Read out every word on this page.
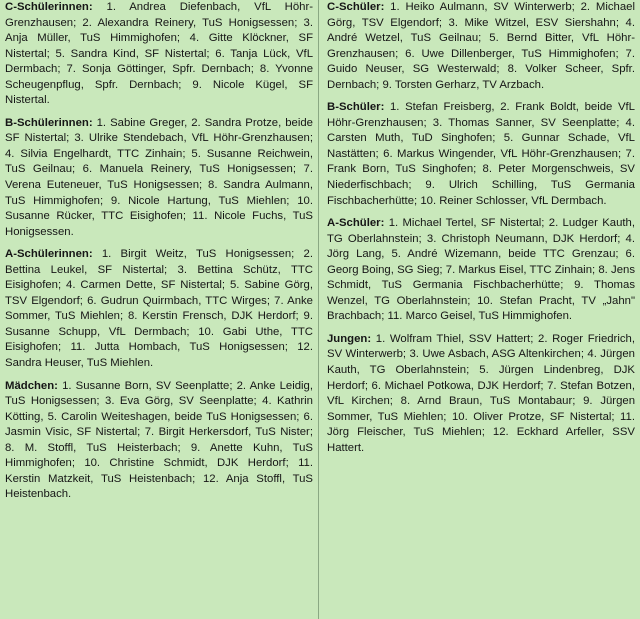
C-Schülerinnen: 1. Andrea Diefenbach, VfL Höhr-Grenzhausen; 2. Alexandra Reinery, TuS Honigsessen; 3. Anja Müller, TuS Himmighofen; 4. Gitte Klöckner, SF Nistertal; 5. Sandra Kind, SF Nistertal; 6. Tanja Lück, VfL Dermbach; 7. Sonja Göttinger, Spfr. Dernbach; 8. Yvonne Scheugenpflug, Spfr. Dernbach; 9. Nicole Kügel, SF Nistertal.

B-Schülerinnen: 1. Sabine Greger, 2. Sandra Protze, beide SF Nistertal; 3. Ulrike Stendebach, VfL Höhr-Grenzhausen; 4. Silvia Engelhardt, TTC Zinhain; 5. Susanne Reichwein, TuS Geilnau; 6. Manuela Reinery, TuS Honigsessen; 7. Verena Euteneuer, TuS Honigsessen; 8. Sandra Aulmann, TuS Himmighofen; 9. Nicole Hartung, TuS Miehlen; 10. Susanne Rücker, TTC Eisighofen; 11. Nicole Fuchs, TuS Honigsessen.

A-Schülerinnen: 1. Birgit Weitz, TuS Honigsessen; 2. Bettina Leukel, SF Nistertal; 3. Bettina Schütz, TTC Eisighofen; 4. Carmen Dette, SF Nistertal; 5. Sabine Görg, TSV Elgendorf; 6. Gudrun Quirmbach, TTC Wirges; 7. Anke Sommer, TuS Miehlen; 8. Kerstin Frensch, DJK Herdorf; 9. Susanne Schupp, VfL Dermbach; 10. Gabi Uthe, TTC Eisighofen; 11. Jutta Hombach, TuS Honigsessen; 12. Sandra Heuser, TuS Miehlen.

Mädchen: 1. Susanne Born, SV Seenplatte; 2. Anke Leidig, TuS Honigsessen; 3. Eva Görg, SV Seenplatte; 4. Kathrin Kötting, 5. Carolin Weiteshagen, beide TuS Honigsessen; 6. Jasmin Visic, SF Nistertal; 7. Birgit Herkersdorf, TuS Nister; 8. M. Stoffl, TuS Heisterbach; 9. Anette Kuhn, TuS Himmighofen; 10. Christine Schmidt, DJK Herdorf; 11. Kerstin Matzkeit, TuS Heistenbach; 12. Anja Stoffl, TuS Heistenbach.

C-Schüler: 1. Heiko Aulmann, SV Winterwerb; 2. Michael Görg, TSV Elgendorf; 3. Mike Witzel, ESV Siershahn; 4. André Wetzel, TuS Geilnau; 5. Bernd Bitter, VfL Höhr-Grenzhausen; 6. Uwe Dillenberger, TuS Himmighofen; 7. Guido Neuser, SG Westerwald; 8. Volker Scheer, Spfr. Dernbach; 9. Torsten Gerharz, TV Arzbach.

B-Schüler: 1. Stefan Freisberg, 2. Frank Boldt, beide VfL Höhr-Grenzhausen; 3. Thomas Sanner, SV Seenplatte; 4. Carsten Muth, TuD Singhofen; 5. Gunnar Schade, VfL Nastätten; 6. Markus Wingender, VfL Höhr-Grenzhausen; 7. Frank Born, TuS Singhofen; 8. Peter Morgenschweis, SV Niederfischbach; 9. Ulrich Schilling, TuS Germania Fischbacherhütte; 10. Reiner Schlosser, VfL Dermbach.

A-Schüler: 1. Michael Tertel, SF Nistertal; 2. Ludger Kauth, TG Oberlahnstein; 3. Christoph Neumann, DJK Herdorf; 4. Jörg Lang, 5. André Wizemann, beide TTC Grenzau; 6. Georg Boing, SG Sieg; 7. Markus Eisel, TTC Zinhain; 8. Jens Schmidt, TuS Germania Fischbacherhütte; 9. Thomas Wenzel, TG Oberlahnstein; 10. Stefan Pracht, TV „Jahn" Brachbach; 11. Marco Geisel, TuS Himmighofen.

Jungen: 1. Wolfram Thiel, SSV Hattert; 2. Roger Friedrich, SV Winterwerb; 3. Uwe Asbach, ASG Altenkirchen; 4. Jürgen Kauth, TG Oberlahnstein; 5. Jürgen Lindenbreg, DJK Herdorf; 6. Michael Potkowa, DJK Herdorf; 7. Stefan Botzen, VfL Kirchen; 8. Arnd Braun, TuS Montabaur; 9. Jürgen Sommer, TuS Miehlen; 10. Oliver Protze, SF Nistertal; 11. Jörg Fleischer, TuS Miehlen; 12. Eckhard Arfeller, SSV Hattert.
